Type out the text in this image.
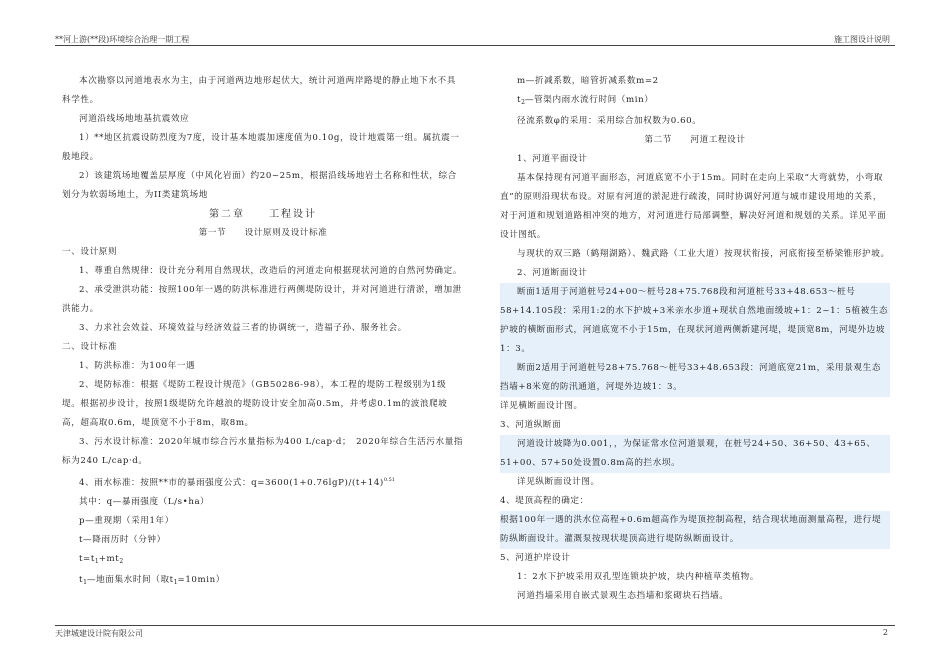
**河上游(**段)环境综合治理一期工程	施工图设计说明

本次勘察以河道地表水为主，由于河道两边地形起伏大，统计河道两岸路堤的静止地下水不具科学性。

河道沿线场地地基抗震效应

1）**地区抗震设防烈度为7度，设计基本地震加速度值为0.10g，设计地震第一组。属抗震一般地段。

2）该建筑场地覆盖层厚度（中风化岩面）约20~25m，根据沿线场地岩土名称和性状，综合划分为软弱场地土，为II类建筑场地

第二章　　工程设计

第一节　　设计原则及设计标准

一、设计原则

1、尊重自然规律：设计充分利用自然现状，改造后的河道走向根据现状河道的自然河势确定。

2、承受泄洪功能：按照100年一遇的防洪标准进行两侧堤防设计，并对河道进行清淤，增加泄洪能力。

3、力求社会效益、环境效益与经济效益三者的协调统一，造福子孙、服务社会。

二、设计标准

1、防洪标准：为100年一遇

2、堤防标准：根据《堤防工程设计规范》（GB50286-98），本工程的堤防工程级别为1级堤。根据初步设计，按照1级堤防允许越浪的堤防设计安全加高0.5m，并考虑0.1m的波浪爬坡高，超高取0.6m，堤顶宽不小于8m，取8m。

3、污水设计标准：2020年城市综合污水量指标为400 L/cap·d；　2020年综合生活污水量指标为240 L/cap·d。

4、雨水标准：按照**市的暴雨强度公式：$q=3600(1+0.76\lg P)/(t+14)^{0.51}$

其中：q—暴雨强度（L/s•ha）

p—重现期（采用1年）

t—降雨历时（分钟）

$t=t_1+mt_2$

$t_1—$地面集水时间（取$t_1=10\min$）

m—折减系数，暗管折减系数m=2

$t_2—$管渠内雨水流行时间（min）

径流系数φ的采用：采用综合加权数为0.60。

第二节　　河道工程设计

1、河道平面设计

基本保持现有河道平面形态，河道底宽不小于15m。同时在走向上采取“大弯就势，小弯取直”的原则沿现状布设。对原有河道的淤泥进行疏浚，同时协调好河道与城市建设用地的关系，对于河道和规划道路相冲突的地方，对河道进行局部调整，解决好河道和规划的关系。详见平面设计图纸。

与现状的双三路（鹤翔湖路）、魏武路（工业大道）按现状衔接，河底衔接至桥梁锥形护坡。

2、河道断面设计

断面1适用于河道桩号24+00～桩号28+75.768段和河道桩号33+48.653～桩号58+14.105段：采用1:2的水下护坡+3米亲水步道+现状自然地面缓坡+1：2~1：5植被生态护坡的横断面形式，河道底宽不小于15m，在现状河道两侧新建河堤，堤顶宽8m，河堤外边坡1：3。

断面2适用于河道桩号28+75.768～桩号33+48.653段：河道底宽21m，采用景观生态挡墙+8米宽的防汛通道，河堤外边坡1：3。

详见横断面设计图。

3、河道纵断面

河道设计坡降为0.001，，为保证常水位河道景观，在桩号24+50、36+50、43+65、51+00、57+50处设置0.8m高的拦水坝。

详见纵断面设计图。

4、堤顶高程的确定：

根据100年一遇的洪水位高程+0.6m超高作为堤顶控制高程，结合现状地面测量高程，进行堤防纵断面设计。灌溉泵按现状堤顶高进行堤防纵断面设计。

5、河道护岸设计

1：2水下护坡采用双孔型连锁块护坡，块内种植草类植物。

河道挡墙采用自嵌式景观生态挡墙和浆砌块石挡墙。

天津城建设计院有限公司	2
